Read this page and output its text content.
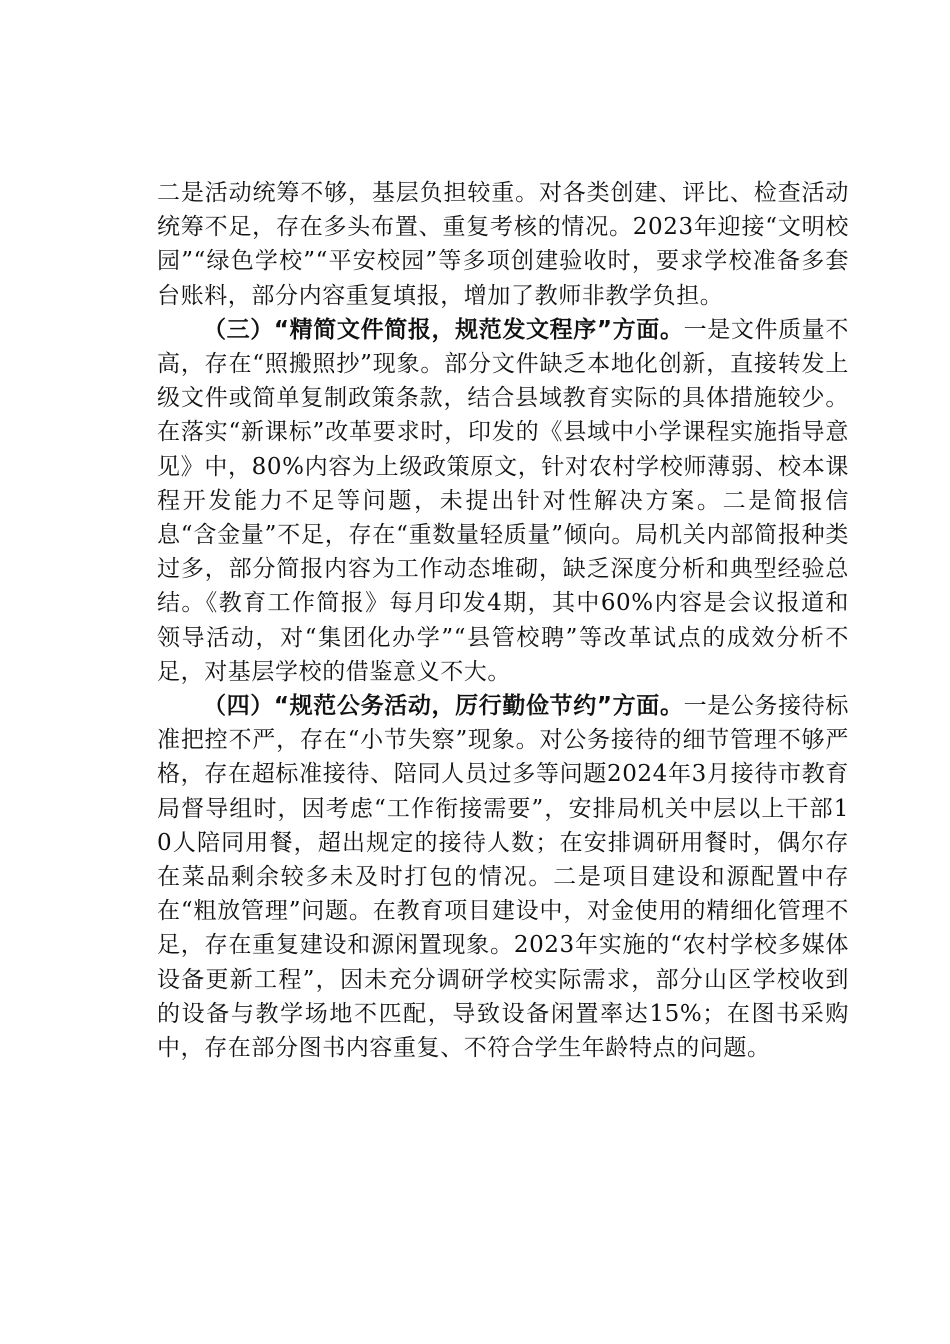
二是活动统筹不够，基层负担较重。对各类创建、评比、检查活动统筹不足，存在多头布置、重复考核的情况。2023年迎接“文明校园”“绿色学校”“平安校园”等多项创建验收时，要求学校准备多套台账料，部分内容重复填报，增加了教师非教学负担。

（三）“精简文件简报，规范发文程序”方面。一是文件质量不高，存在“照搬照抄”现象。部分文件缺乏本地化创新，直接转发上级文件或简单复制政策条款，结合县域教育实际的具体措施较少。在落实“新课标”改革要求时，印发的《县域中小学课程实施指导意见》中，80%内容为上级政策原文，针对农村学校师薄弱、校本课程开发能力不足等问题，未提出针对性解决方案。二是简报信息“含金量”不足，存在“重数量轻质量”倾向。局机关内部简报种类过多，部分简报内容为工作动态堆砌，缺乏深度分析和典型经验总结。《教育工作简报》每月印发4期，其中60%内容是会议报道和领导活动，对“集团化办学”“县管校聘”等改革试点的成效分析不足，对基层学校的借鉴意义不大。

（四）“规范公务活动，厉行勤俭节约”方面。一是公务接待标准把控不严，存在“小节失察”现象。对公务接待的细节管理不够严格，存在超标准接待、陪同人员过多等问题2024年3月接待市教育局督导组时，因考虑“工作衔接需要”，安排局机关中层以上干部10人陪同用餐，超出规定的接待人数；在安排调研用餐时，偶尔存在菜品剩余较多未及时打包的情况。二是项目建设和源配置中存在“粗放管理”问题。在教育项目建设中，对金使用的精细化管理不足，存在重复建设和源闲置现象。2023年实施的“农村学校多媒体设备更新工程”，因未充分调研学校实际需求，部分山区学校收到的设备与教学场地不匹配，导致设备闲置率达15%；在图书采购中，存在部分图书内容重复、不符合学生年龄特点的问题。
